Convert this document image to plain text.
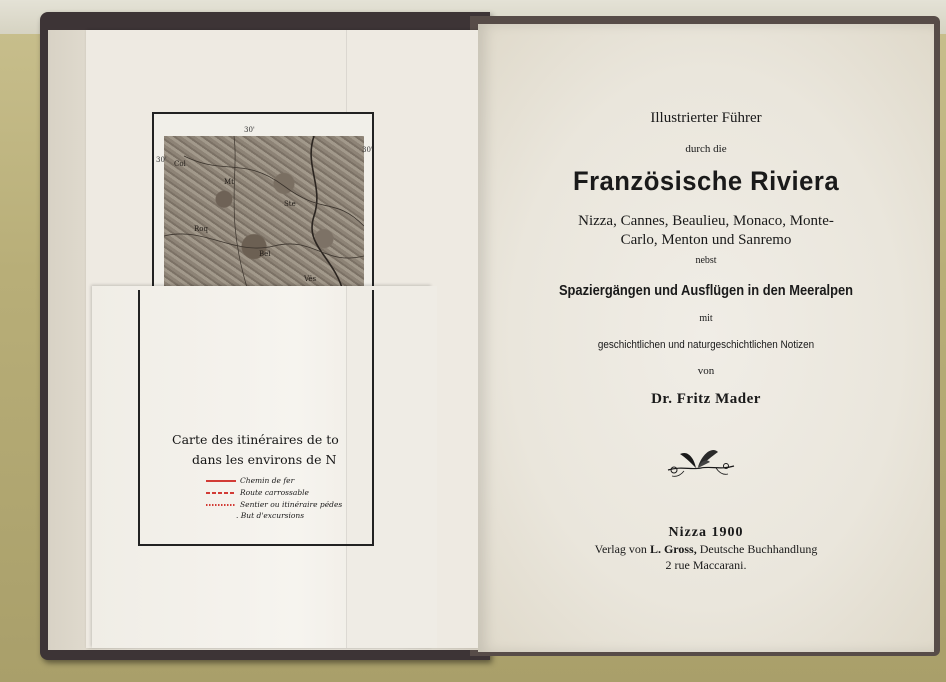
Col
Mt
Ste
Roq
Bel
Vés
30'
30'
30'
Carte des itinéraires de to
dans les environs de N
Chemin de fer
Route carrossable
Sentier ou itinéraire pédes
. But d'excursions
Illustrierter Führer
durch die
Französische Riviera
Nizza, Cannes, Beaulieu, Monaco, Monte-
Carlo, Menton und Sanremo
nebst
Spaziergängen und Ausflügen in den Meeralpen
mit
geschichtlichen und naturgeschichtlichen Notizen
von
Dr. Fritz Mader
Nizza 1900
Verlag von L. Gross, Deutsche Buchhandlung
2 rue Maccarani.
